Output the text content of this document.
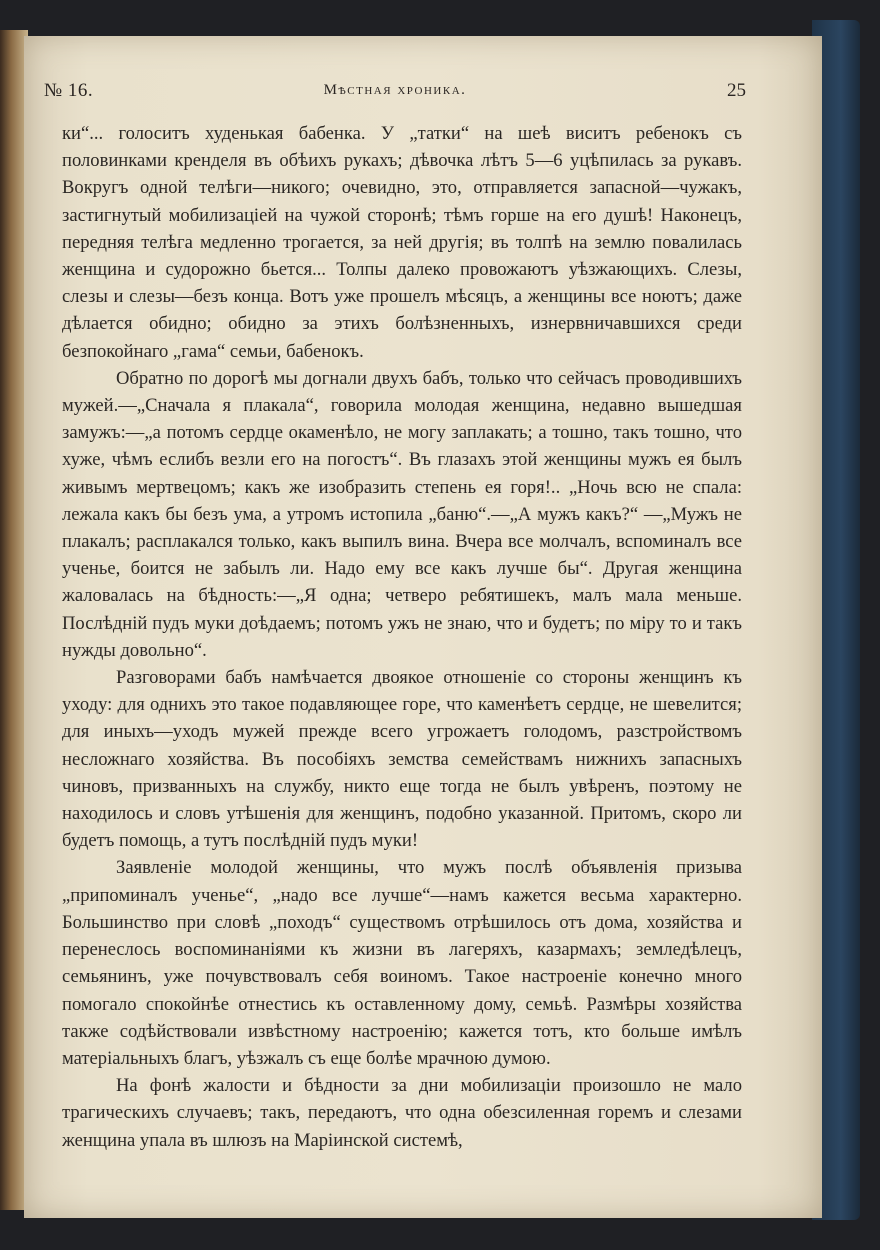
№ 16.	Мѣстная хроника.	25

ки“... голоситъ худенькая бабенка. У „татки“ на шеѣ виситъ ребенокъ съ половинками кренделя въ обѣихъ рукахъ; дѣвочка лѣтъ 5—6 уцѣпилась за рукавъ. Вокругъ одной телѣги—никого; очевидно, это, отправляется запасной—чужакъ, застигнутый мобилизацiей на чужой сторонѣ; тѣмъ горше на его душѣ! Наконецъ, передняя телѣга медленно трогается, за ней другiя; въ толпѣ на землю повалилась женщина и судорожно бьется... Толпы далеко провожаютъ уѣзжающихъ. Слезы, слезы и слезы—безъ конца. Вотъ уже прошелъ мѣсяцъ, а женщины все ноютъ; даже дѣлается обидно; обидно за этихъ болѣзненныхъ, изнервничавшихся среди безпокойнаго „гама“ семьи, бабенокъ.

Обратно по дорогѣ мы догнали двухъ бабъ, только что сейчасъ проводившихъ мужей.—„Сначала я плакала“, говорила молодая женщина, недавно вышедшая замужъ:—„а потомъ сердце окаменѣло, не могу заплакать; а тошно, такъ тошно, что хуже, чѣмъ еслибъ везли его на погостъ“. Въ глазахъ этой женщины мужъ ея былъ живымъ мертвецомъ; какъ же изобразить степень ея горя!.. „Ночь всю не спала: лежала какъ бы безъ ума, а утромъ истопила „баню“.—„А мужъ какъ?“ —„Мужъ не плакалъ; расплакался только, какъ выпилъ вина. Вчера все молчалъ, вспоминалъ все ученье, боится не забылъ ли. Надо ему все какъ лучше бы“. Другая женщина жаловалась на бѣдность:—„Я одна; четверо ребятишекъ, малъ мала меньше. Послѣднiй пудъ муки доѣдаемъ; потомъ ужъ не знаю, что и будетъ; по мiру то и такъ нужды довольно“.

Разговорами бабъ намѣчается двоякое отношенiе со стороны женщинъ къ уходу: для однихъ это такое подавляющее горе, что каменѣетъ сердце, не шевелится; для иныхъ—уходъ мужей прежде всего угрожаетъ голодомъ, разстройствомъ несложнаго хозяйства. Въ пособiяхъ земства семействамъ нижнихъ запасныхъ чиновъ, призванныхъ на службу, никто еще тогда не былъ увѣренъ, поэтому не находилось и словъ утѣшенiя для женщинъ, подобно указанной. Притомъ, скоро ли будетъ помощь, а тутъ послѣднiй пудъ муки!

Заявленiе молодой женщины, что мужъ послѣ объявленiя призыва „припоминалъ ученье“, „надо все лучше“—намъ кажется весьма характерно. Большинство при словѣ „походъ“ существомъ отрѣшилось отъ дома, хозяйства и перенеслось воспоминанiями къ жизни въ лагеряхъ, казармахъ; земледѣлецъ, семьянинъ, уже почувствовалъ себя воиномъ. Такое настроенiе конечно много помогало спокойнѣе отнестись къ оставленному дому, семьѣ. Размѣры хозяйства также содѣйствовали извѣстному настроенiю; кажется тотъ, кто больше имѣлъ матерiальныхъ благъ, уѣзжалъ съ еще болѣе мрачною думою.

На фонѣ жалости и бѣдности за дни мобилизацiи произошло не мало трагическихъ случаевъ; такъ, передаютъ, что одна обезсиленная горемъ и слезами женщина упала въ шлюзъ на Марiинской системѣ,
